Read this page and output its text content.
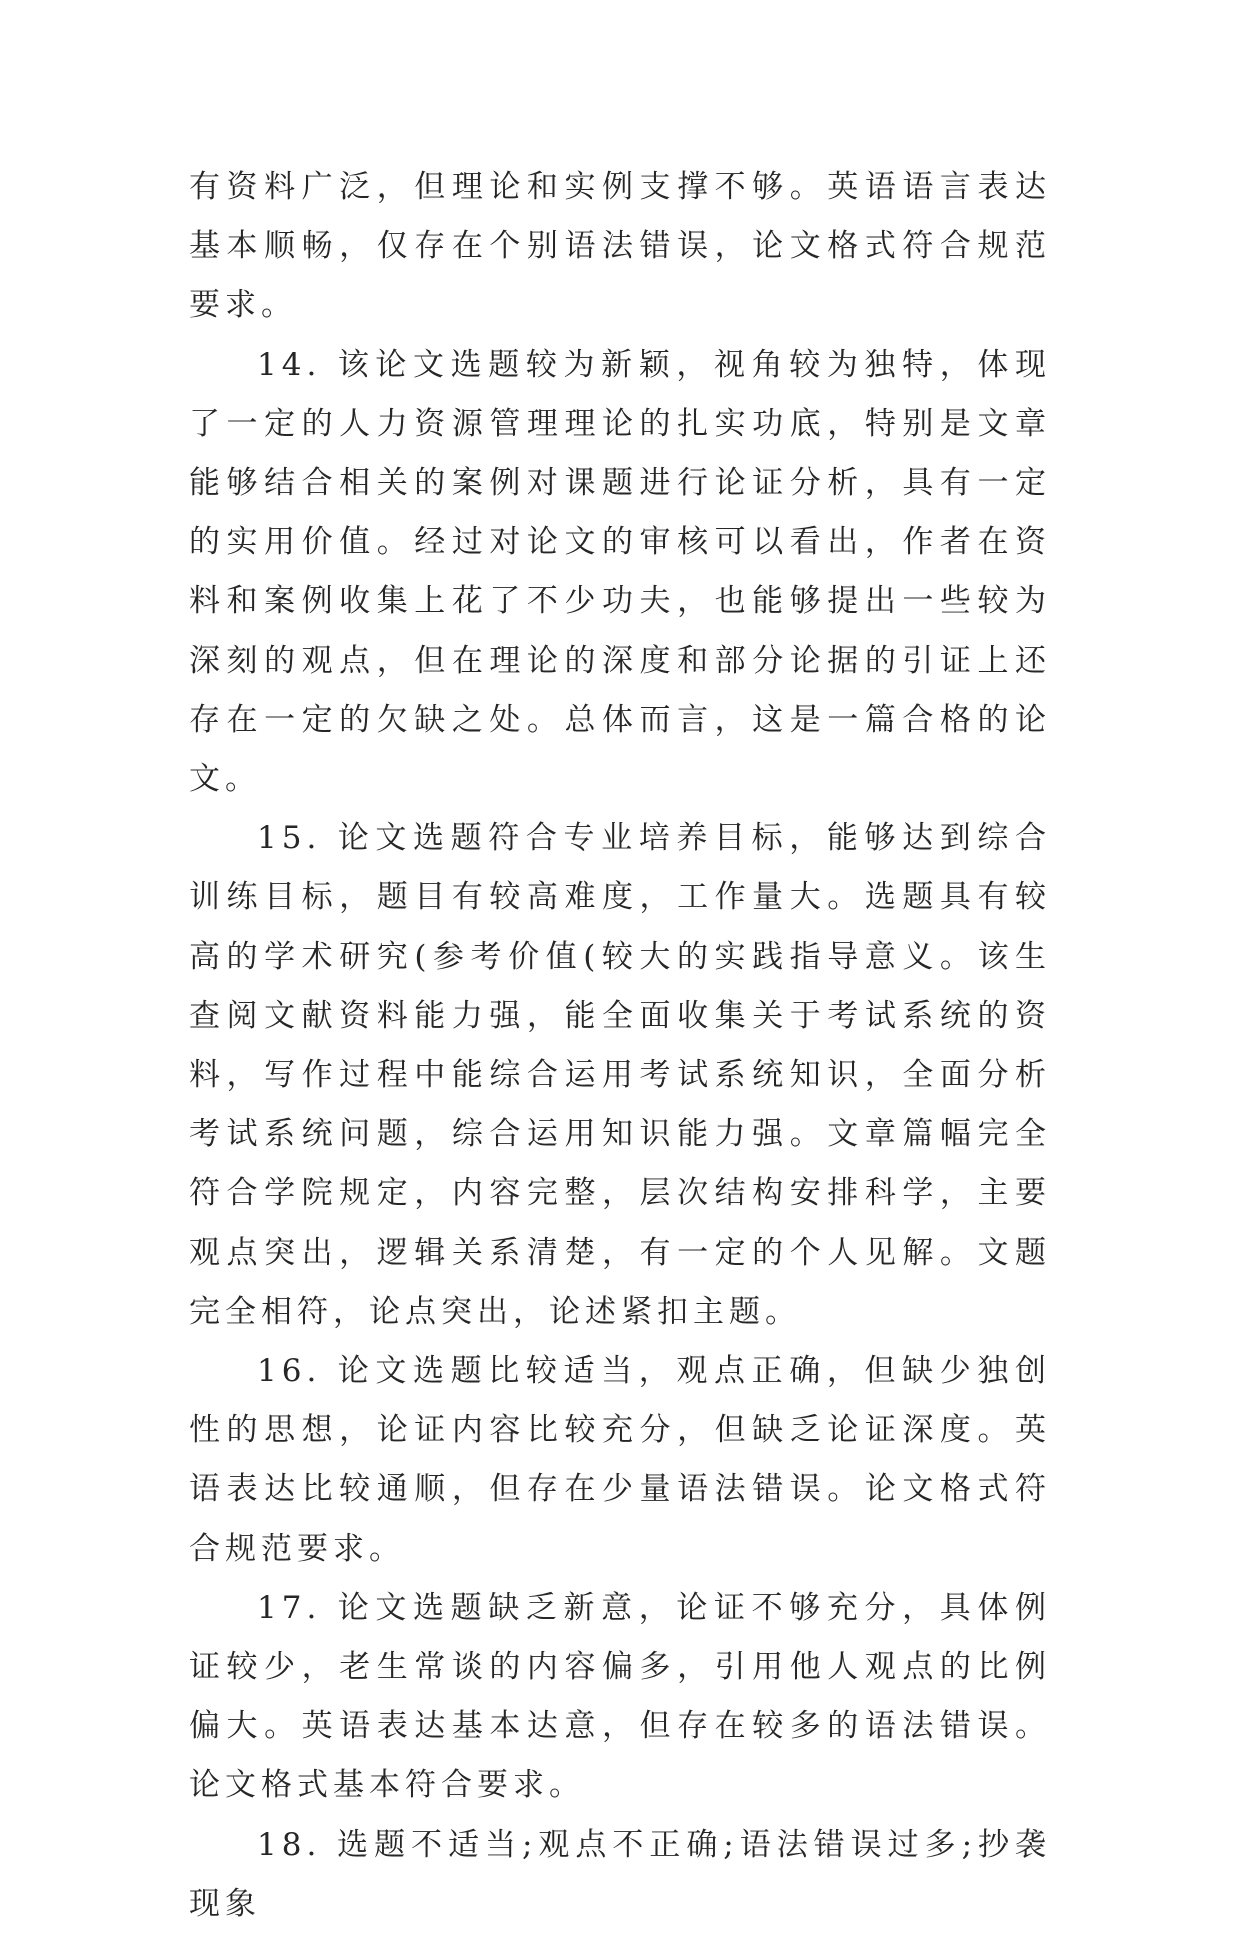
有资料广泛，但理论和实例支撑不够。英语语言表达基本顺畅，仅存在个别语法错误，论文格式符合规范要求。

14. 该论文选题较为新颖，视角较为独特，体现了一定的人力资源管理理论的扎实功底，特别是文章能够结合相关的案例对课题进行论证分析，具有一定的实用价值。经过对论文的审核可以看出，作者在资料和案例收集上花了不少功夫，也能够提出一些较为深刻的观点，但在理论的深度和部分论据的引证上还存在一定的欠缺之处。总体而言，这是一篇合格的论文。

15. 论文选题符合专业培养目标，能够达到综合训练目标，题目有较高难度，工作量大。选题具有较高的学术研究(参考价值(较大的实践指导意义。该生查阅文献资料能力强，能全面收集关于考试系统的资料，写作过程中能综合运用考试系统知识，全面分析考试系统问题，综合运用知识能力强。文章篇幅完全符合学院规定，内容完整，层次结构安排科学，主要观点突出，逻辑关系清楚，有一定的个人见解。文题完全相符，论点突出，论述紧扣主题。

16. 论文选题比较适当，观点正确，但缺少独创性的思想，论证内容比较充分，但缺乏论证深度。英语表达比较通顺，但存在少量语法错误。论文格式符合规范要求。

17. 论文选题缺乏新意，论证不够充分，具体例证较少，老生常谈的内容偏多，引用他人观点的比例偏大。英语表达基本达意，但存在较多的语法错误。论文格式基本符合要求。

18. 选题不适当;观点不正确;语法错误过多;抄袭现象
